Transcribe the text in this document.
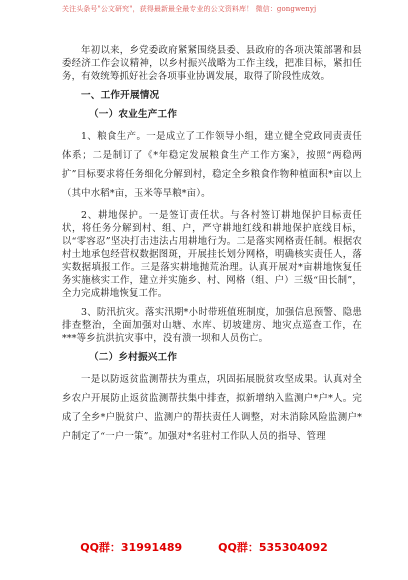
关注头条号"公文研究"，获得最新最全最专业的公文资料库！ 微信：gongwenyj

年初以来，乡党委政府紧紧围绕县委、县政府的各项决策部署和县委经济工作会议精神，以乡村振兴战略为工作主线，把准目标，紧扣任务，有效统筹抓好社会各项事业协调发展，取得了阶段性成效。

一、工作开展情况
（一）农业生产工作

1、粮食生产。一是成立了工作领导小组，建立健全党政同责责任体系；二是制订了《*年稳定发展粮食生产工作方案》，按照“两稳两扩”目标要求将任务细化分解到村，稳定全乡粮食作物种植面积*亩以上（其中水稻*亩，玉米等旱粮*亩）。

2、耕地保护。一是签订责任状。与各村签订耕地保护目标责任状，将任务分解到村、组、户，严守耕地红线和耕地保护底线目标，以“零容忍”坚决打击违法占用耕地行为。二是落实网格责任制。根据农村土地承包经营权数据图斑，开展挂长划分网格，明确核实责任人，落实数据填报工作。三是落实耕地抛荒治理。认真开展对*亩耕地恢复任务实施核实工作，建立并实施乡、村、网格（组、户）三级“田长制”，全力完成耕地恢复工作。

3、防汛抗灾。落实汛期*小时带班值班制度，加强信息预警、隐患排查整治，全面加强对山塘、水库、切坡建房、地灾点巡查工作，在***等乡抗洪抗灾事中，没有溃一坝和人员伤亡。

（二）乡村振兴工作

一是以防返贫监测帮扶为重点，巩固拓展脱贫攻坚成果。认真对全乡农户开展防止返贫监测帮扶集中排查，拟新增纳入监测户*户*人。完成了全乡*户脱贫户、监测户的帮扶责任人调整，对未消除风险监测户*户制定了“一户一策”。加强对*名驻村工作队人员的指导、管理

QQ群：31991489	QQ群：535304092
